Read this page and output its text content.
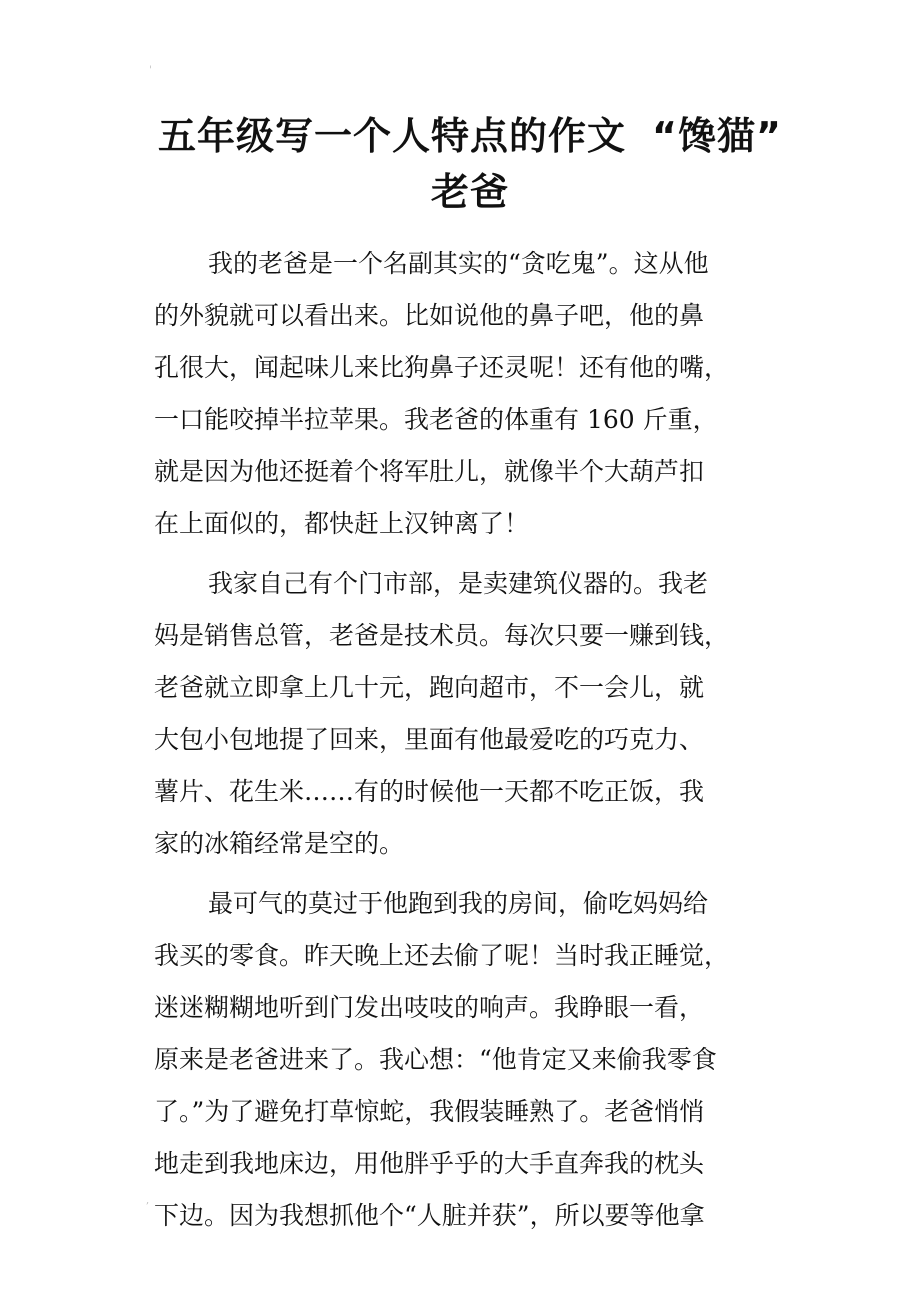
'
五年级写一个人特点的作文 “馋猫”
老爸

我的老爸是一个名副其实的“贪吃鬼”。这从他
的外貌就可以看出来。比如说他的鼻子吧，他的鼻
孔很大，闻起味儿来比狗鼻子还灵呢！还有他的嘴，
一口能咬掉半拉苹果。我老爸的体重有 160 斤重，
就是因为他还挺着个将军肚儿，就像半个大葫芦扣
在上面似的，都快赶上汉钟离了！

我家自己有个门市部，是卖建筑仪器的。我老
妈是销售总管，老爸是技术员。每次只要一赚到钱，
老爸就立即拿上几十元，跑向超市，不一会儿，就
大包小包地提了回来，里面有他最爱吃的巧克力、
薯片、花生米……有的时候他一天都不吃正饭，我
家的冰箱经常是空的。

最可气的莫过于他跑到我的房间，偷吃妈妈给
我买的零食。昨天晚上还去偷了呢！当时我正睡觉，
迷迷糊糊地听到门发出吱吱的响声。我睁眼一看，
原来是老爸进来了。我心想：“他肯定又来偷我零食
了。”为了避免打草惊蛇，我假装睡熟了。老爸悄悄
地走到我地床边，用他胖乎乎的大手直奔我的枕头
下边。因为我想抓他个“人脏并获”，所以要等他拿

,
